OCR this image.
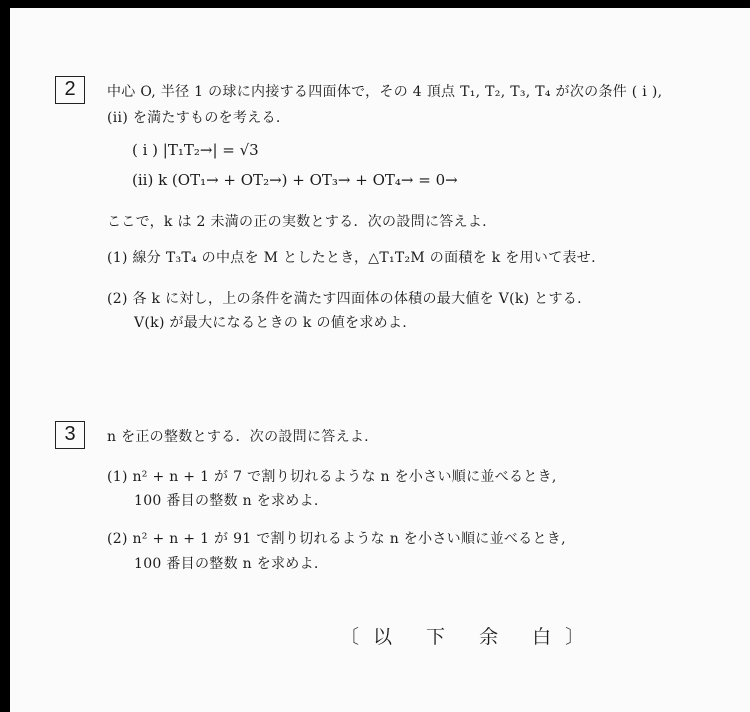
2	中心 O, 半径 1 の球に内接する四面体で，その 4 頂点 T₁, T₂, T₃, T₄ が次の条件 ( i ),
(ii) を満たすものを考える.
( i ) |T₁T₂→| = √3
(ii) k (OT₁→ + OT₂→) + OT₃→ + OT₄→ = 0→
ここで，k は 2 未満の正の実数とする．次の設問に答えよ.
(1) 線分 T₃T₄ の中点を M としたとき，△T₁T₂M の面積を k を用いて表せ.
(2) 各 k に対し，上の条件を満たす四面体の体積の最大値を V(k) とする.
V(k) が最大になるときの k の値を求めよ.
3	n を正の整数とする．次の設問に答えよ.
(1) n² + n + 1 が 7 で割り切れるような n を小さい順に並べるとき,
100 番目の整数 n を求めよ.
(2) n² + n + 1 が 91 で割り切れるような n を小さい順に並べるとき,
100 番目の整数 n を求めよ.
〔以 下 余 白〕
